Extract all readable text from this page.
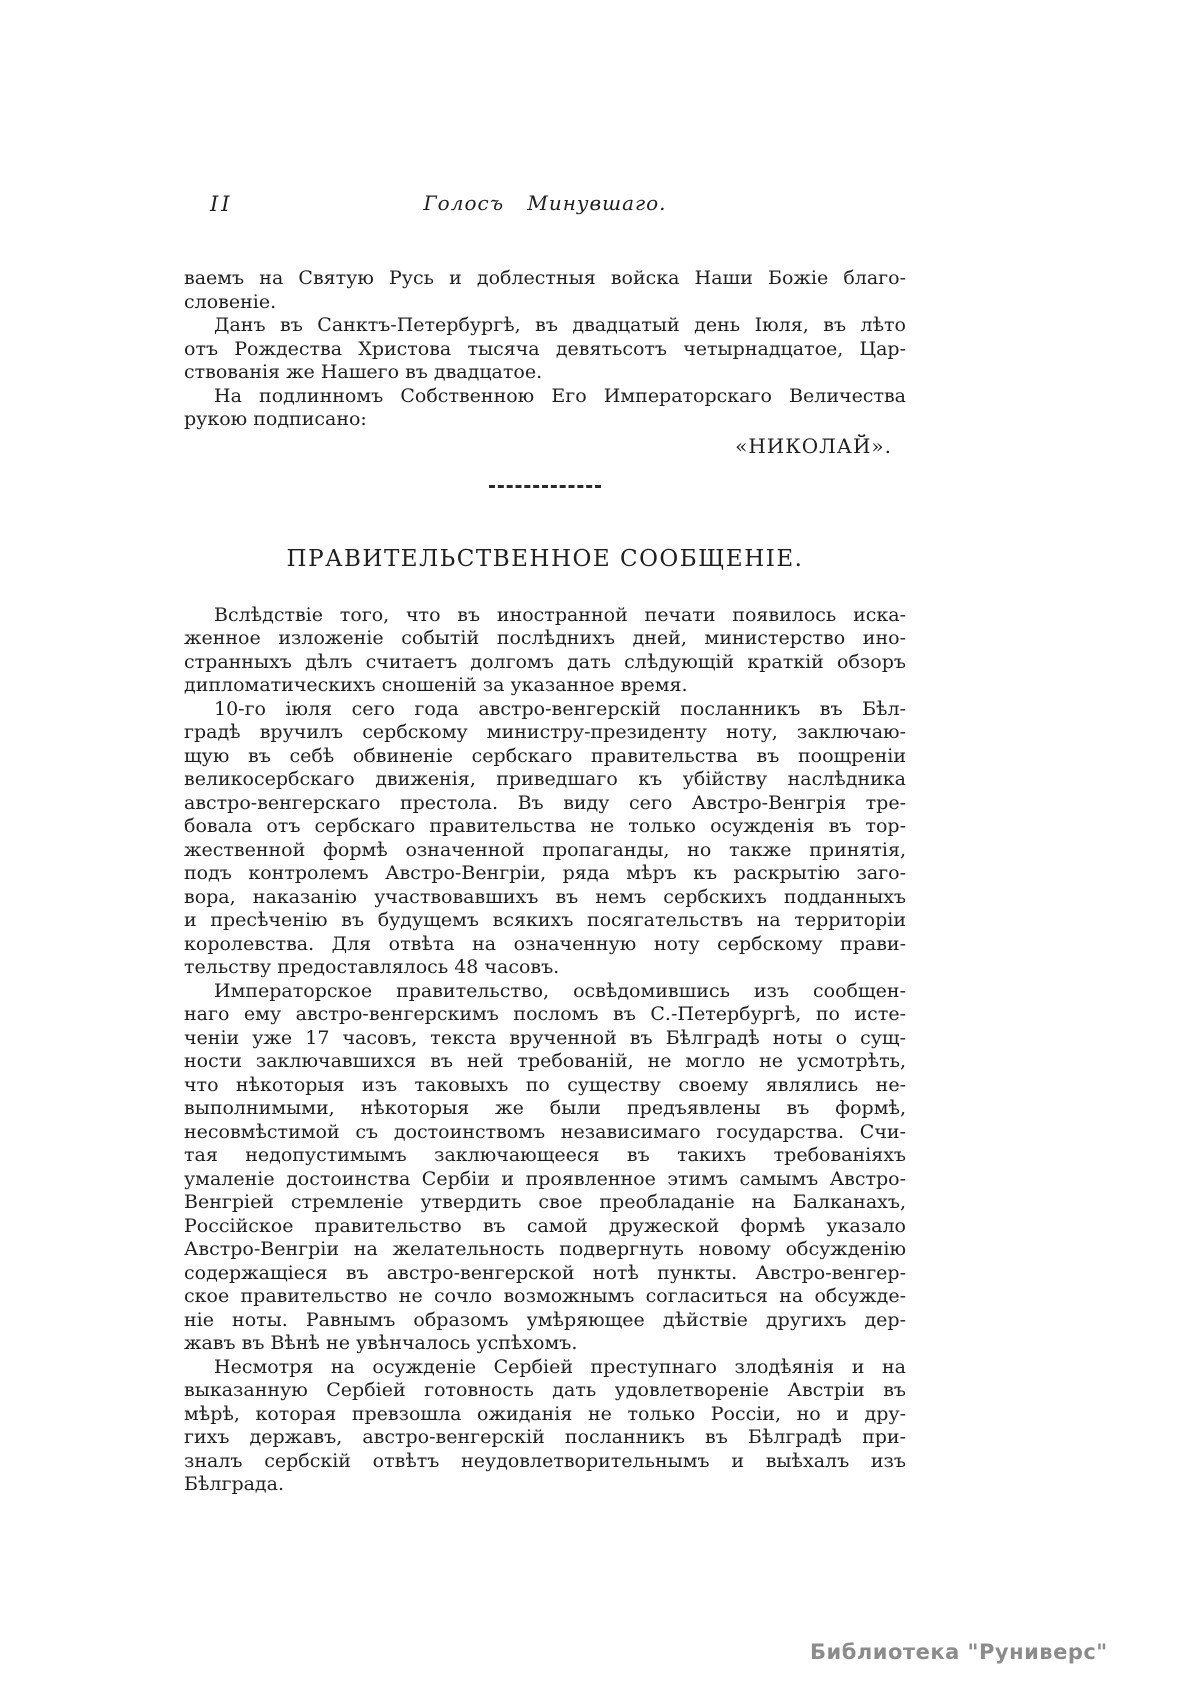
II	Голосъ Минувшаго.
ваемъ на Святую Русь и доблестныя войска Наши Божіе благо-
словеніе.
Данъ въ Санктъ-Петербургѣ, въ двадцатый день Іюля, въ лѣто
отъ Рождества Христова тысяча девятьсотъ четырнадцатое, Цар-
ствованія же Нашего въ двадцатое.
На подлинномъ Собственною Его Императорскаго Величества
рукою подписано:
«НИКОЛАЙ».
ПРАВИТЕЛЬСТВЕННОЕ СООБЩЕНІЕ.
Вслѣдствіе того, что въ иностранной печати появилось иска-
женное изложеніе событій послѣднихъ дней, министерство ино-
странныхъ дѣлъ считаетъ долгомъ дать слѣдующій краткій обзоръ
дипломатическихъ сношеній за указанное время.
10-го іюля сего года австро-венгерскій посланникъ въ Бѣл-
градѣ вручилъ сербскому министру-президенту ноту, заключаю-
щую въ себѣ обвиненіе сербскаго правительства въ поощреніи
великосербскаго движенія, приведшаго къ убійству наслѣдника
австро-венгерскаго престола. Въ виду сего Австро-Венгрія тре-
бовала отъ сербскаго правительства не только осужденія въ тор-
жественной формѣ означенной пропаганды, но также принятія,
подъ контролемъ Австро-Венгріи, ряда мѣръ къ раскрытію заго-
вора, наказанію участвовавшихъ въ немъ сербскихъ подданныхъ
и пресѣченію въ будущемъ всякихъ посягательствъ на территоріи
королевства. Для отвѣта на означенную ноту сербскому прави-
тельству предоставлялось 48 часовъ.
Императорское правительство, освѣдомившись изъ сообщен-
наго ему австро-венгерскимъ посломъ въ С.-Петербургѣ, по исте-
ченіи уже 17 часовъ, текста врученной въ Бѣлградѣ ноты о сущ-
ности заключавшихся въ ней требованій, не могло не усмотрѣть,
что нѣкоторыя изъ таковыхъ по существу своему являлись не-
выполнимыми, нѣкоторыя же были предъявлены въ формѣ,
несовмѣстимой съ достоинствомъ независимаго государства. Счи-
тая недопустимымъ заключающееся въ такихъ требованіяхъ
умаленіе достоинства Сербіи и проявленное этимъ самымъ Австро-
Венгріей стремленіе утвердить свое преобладаніе на Балканахъ,
Россійское правительство въ самой дружеской формѣ указало
Австро-Венгріи на желательность подвергнуть новому обсужденію
содержащіеся въ австро-венгерской нотѣ пункты. Австро-венгер-
ское правительство не сочло возможнымъ согласиться на обсужде-
ніе ноты. Равнымъ образомъ умѣряющее дѣйствіе другихъ дер-
жавъ въ Вѣнѣ не увѣнчалось успѣхомъ.
Несмотря на осужденіе Сербіей преступнаго злодѣянія и на
выказанную Сербіей готовность дать удовлетвореніе Австріи въ
мѣрѣ, которая превзошла ожиданія не только Россіи, но и дру-
гихъ державъ, австро-венгерскій посланникъ въ Бѣлградѣ при-
зналъ сербскій отвѣтъ неудовлетворительнымъ и выѣхалъ изъ
Бѣлграда.
Библиотека "Руниверс"
